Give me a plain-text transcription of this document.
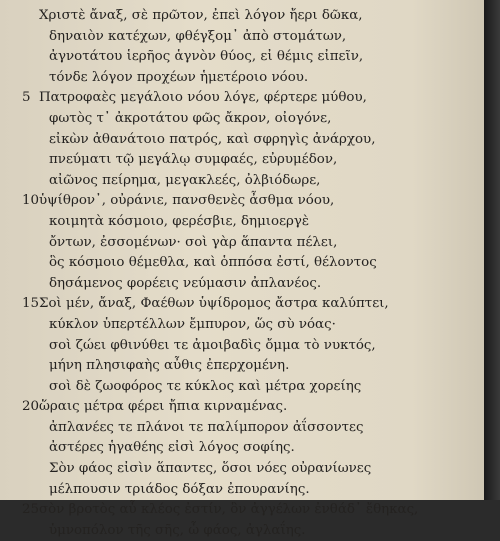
Χριστὲ ἄναξ, σὲ πρῶτον, ἐπεὶ λόγον ἤερι δῶκα,
δηναιὸν κατέχων, φθέγξομ᾽ ἀπὸ στομάτων,
ἀγνοτάτου ἱερῆος ἁγνὸν θύος, εἰ θέμις εἰπεῖν,
τόνδε λόγον προχέων ἡμετέροιο νόου.
5 Πατροφαὲς μεγάλοιο νόου λόγε, φέρτερε μύθου,
φωτὸς τ᾽ ἀκροτάτου φῶς ἄκρον, οἰογόνε,
εἰκὼν ἀθανάτοιο πατρός, καὶ σφρηγὶς ἀνάρχου,
πνεύματι τῷ μεγάλῳ συμφαές, εὐρυμέδον,
αἰῶνος πείρημα, μεγακλεές, ὀλβιόδωρε,
10 ὑψίθρον᾽, οὐράνιε, πανσθενὲς ἆσθμα νόου,
κοιμητὰ κόσμοιο, φερέσβιε, δημιοεργὲ
ὄντων, ἐσσομένων· σοὶ γὰρ ἅπαντα πέλει,
ὃς κόσμοιο θέμεθλα, καὶ ὁππόσα ἐστί, θέλοντος
δησάμενος φορέεις νεύμασιν ἀπλανέος.
15 Σοὶ μέν, ἄναξ, Φαέθων ὑψίδρομος ἄστρα καλύπτει,
κύκλον ὑπερτέλλων ἔμπυρον, ὥς σὺ νόας·
σοὶ ζώει φθινύθει τε ἀμοιβαδὶς ὄμμα τὸ νυκτός,
μήνη πλησιφαὴς αὖθις ἐπερχομένη.
σοὶ δὲ ζωοφόρος τε κύκλος καὶ μέτρα χορείης
20 ὥραις μέτρα φέρει ἤπια κιρναμένας.
ἀπλανέες τε πλάνοι τε παλίμπορον ἀΐσσοντες
ἀστέρες ἡγαθέης εἰσὶ λόγος σοφίης.
Σὸν φάος εἰσὶν ἅπαντες, ὅσοι νόες οὐρανίωνες
μέλπουσιν τριάδος δόξαν ἐπουρανίης.
25 σὸν βροτὸς αὖ κλέος ἐστίν, ὃν ἀγγέλων ἐνθάδ᾽ ἔθηκας,
ὑμνοπόλον τῆς σῆς, ὦ φάος, ἀγλαΐης.
